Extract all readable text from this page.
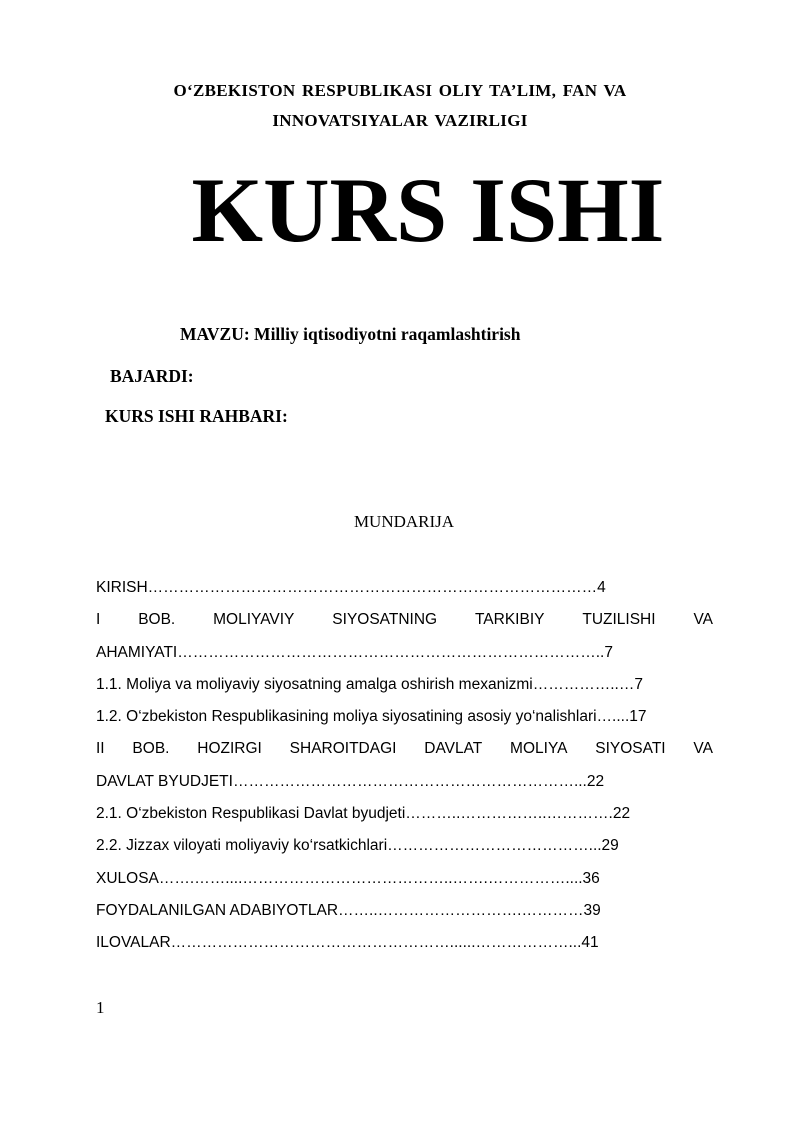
O‘ZBEKISTON RESPUBLIKASI OLIY TA’LIM, FAN VA
INNOVATSIYALAR VAZIRLIGI
KURS ISHI
MAVZU: Milliy iqtisodiyotni raqamlashtirish
BAJARDI:
KURS ISHI RAHBARI:
MUNDARIJA
KIRISH……………………………………………………………………………4
I BOB. MOLIYAVIY SIYOSATNING TARKIBIY TUZILISHI VA
AHAMIYATI………………………………………………………………………..7
1.1. Moliya va moliyaviy siyosatning amalga oshirish mexanizmi……………..…7
1.2. O‘zbekiston Respublikasining moliya siyosatining asosiy yo‘nalishlari…....17
II BOB. HOZIRGI SHAROITDAGI DAVLAT MOLIYA SIYOSATI VA
DAVLAT BYUDJETI…………………………………………………………...22
2.1. O‘zbekiston Respublikasi Davlat byudjeti………..……………..………….22
2.2. Jizzax viloyati moliyaviy ko‘rsatkichlari…………………………………...29
XULOSA…….……....…………………………………..…….……………....36
FOYDALANILGAN ADABIYOTLAR……..……………………….…………39
ILOVALAR………………………………………………......………………...41
1
